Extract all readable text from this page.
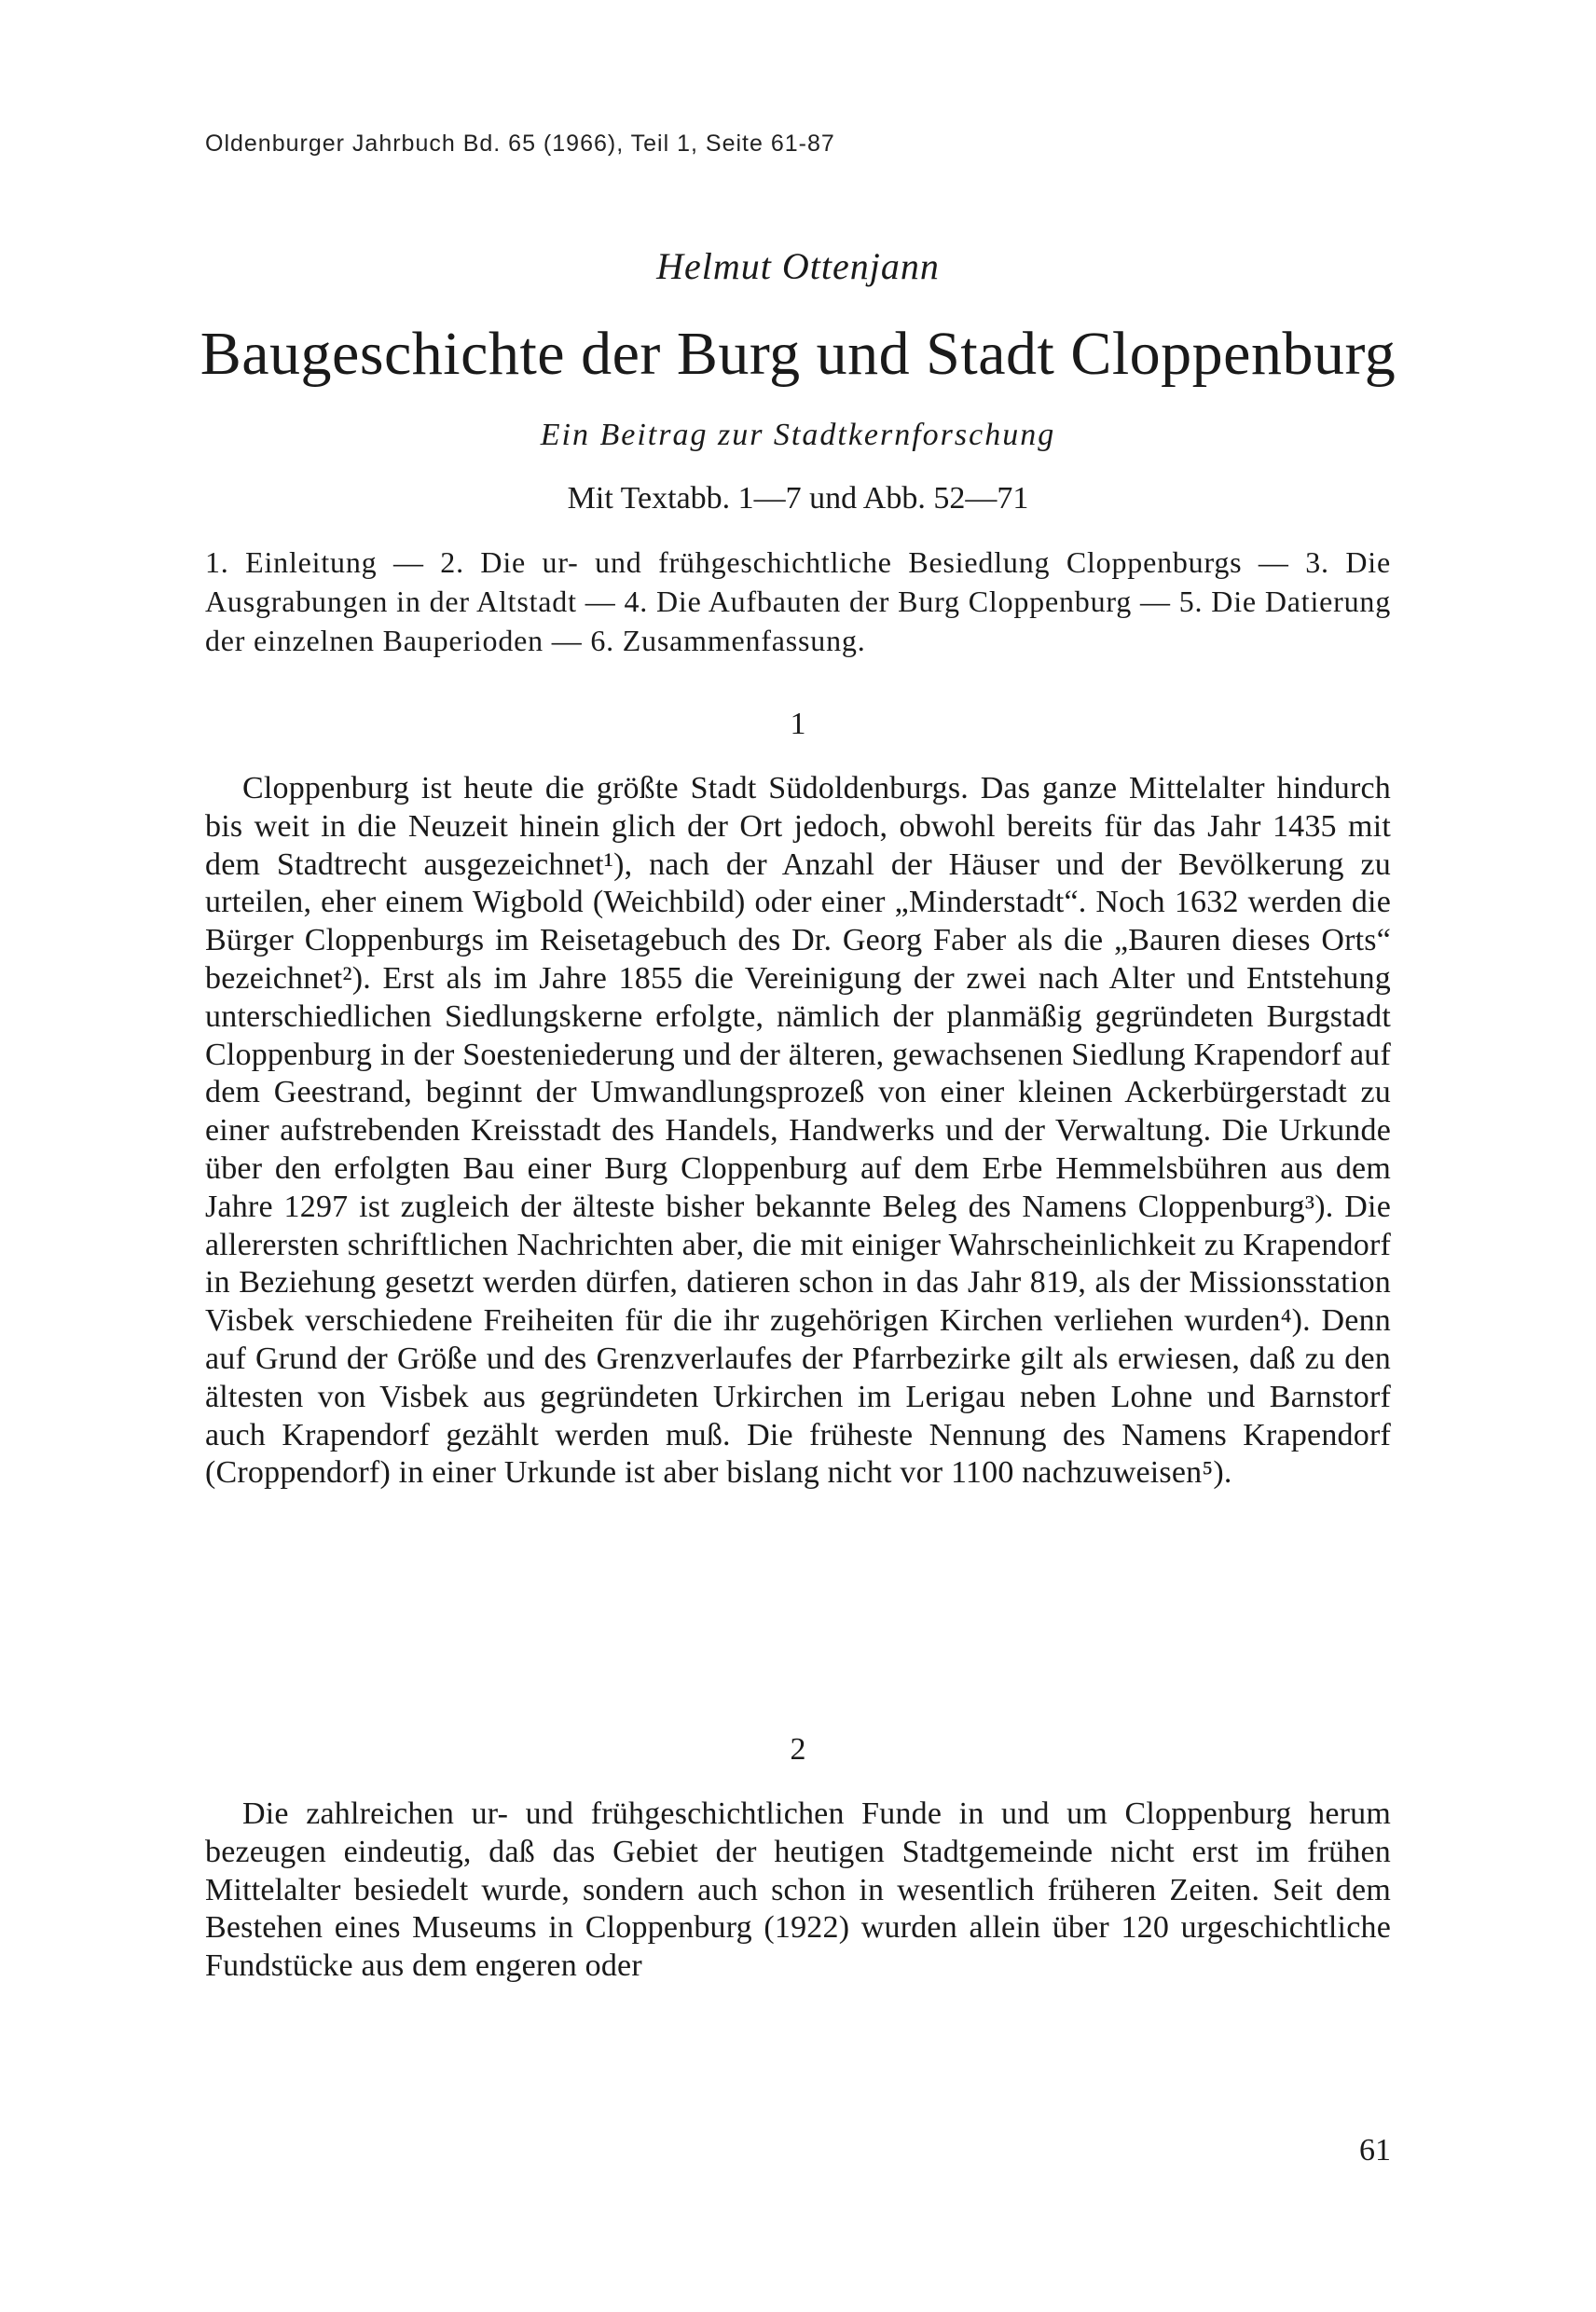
Oldenburger Jahrbuch Bd. 65 (1966), Teil 1, Seite 61-87
Helmut Ottenjann
Baugeschichte der Burg und Stadt Cloppenburg
Ein Beitrag zur Stadtkernforschung
Mit Textabb. 1—7 und Abb. 52—71
1. Einleitung — 2. Die ur- und frühgeschichtliche Besiedlung Cloppenburgs — 3. Die Ausgrabungen in der Altstadt — 4. Die Aufbauten der Burg Cloppenburg — 5. Die Datierung der einzelnen Bauperioden — 6. Zusammenfassung.
1

Cloppenburg ist heute die größte Stadt Südoldenburgs. Das ganze Mittelalter hindurch bis weit in die Neuzeit hinein glich der Ort jedoch, obwohl bereits für das Jahr 1435 mit dem Stadtrecht ausgezeichnet¹), nach der Anzahl der Häuser und der Bevölkerung zu urteilen, eher einem Wigbold (Weichbild) oder einer „Minderstadt“. Noch 1632 werden die Bürger Cloppenburgs im Reisetagebuch des Dr. Georg Faber als die „Bauren dieses Orts“ bezeichnet²). Erst als im Jahre 1855 die Vereinigung der zwei nach Alter und Entstehung unterschiedlichen Siedlungskerne erfolgte, nämlich der planmäßig gegründeten Burgstadt Cloppenburg in der Soesteniederung und der älteren, gewachsenen Siedlung Krapendorf auf dem Geestrand, beginnt der Umwandlungsprozeß von einer kleinen Ackerbürgerstadt zu einer aufstrebenden Kreisstadt des Handels, Handwerks und der Verwaltung. Die Urkunde über den erfolgten Bau einer Burg Cloppenburg auf dem Erbe Hemmelsbühren aus dem Jahre 1297 ist zugleich der älteste bisher bekannte Beleg des Namens Cloppenburg³). Die allerersten schriftlichen Nachrichten aber, die mit einiger Wahrscheinlichkeit zu Krapendorf in Beziehung gesetzt werden dürfen, datieren schon in das Jahr 819, als der Missionsstation Visbek verschiedene Freiheiten für die ihr zugehörigen Kirchen verliehen wurden⁴). Denn auf Grund der Größe und des Grenzverlaufes der Pfarrbezirke gilt als erwiesen, daß zu den ältesten von Visbek aus gegründeten Urkirchen im Lerigau neben Lohne und Barnstorf auch Krapendorf gezählt werden muß. Die früheste Nennung des Namens Krapendorf (Croppendorf) in einer Urkunde ist aber bislang nicht vor 1100 nachzuweisen⁵).

2

Die zahlreichen ur- und frühgeschichtlichen Funde in und um Cloppenburg herum bezeugen eindeutig, daß das Gebiet der heutigen Stadtgemeinde nicht erst im frühen Mittelalter besiedelt wurde, sondern auch schon in wesentlich früheren Zeiten. Seit dem Bestehen eines Museums in Cloppenburg (1922) wurden allein über 120 urgeschichtliche Fundstücke aus dem engeren oder

61
